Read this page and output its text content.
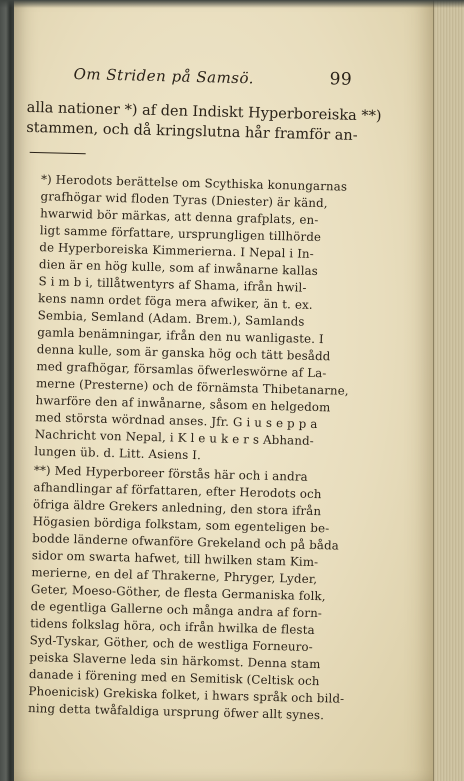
Om Striden på Samsö.	99
alla nationer *) af den Indiskt Hyperboreiska **)
stammen, och då kringslutna hår framför an-
*) Herodots berättelse om Scythiska konungarnas
grafhögar wid floden Tyras (Dniester) är känd,
hwarwid bör märkas, att denna grafplats, en-
ligt samme författare, ursprungligen tillhörde
de Hyperboreiska Kimmerierna. I Nepal i In-
dien är en hög kulle, som af inwånarne kallas
S i m b i, tillåtwentyrs af Shama, ifrån hwil-
kens namn ordet föga mera afwiker, än t. ex.
Sembia, Semland (Adam. Brem.), Samlands
gamla benämningar, ifrån den nu wanligaste. I
denna kulle, som är ganska hög och tätt besådd
med grafhögar, församlas öfwerleswörne af La-
merne (Presterne) och de förnämsta Thibetanarne,
hwarföre den af inwånarne, såsom en helgedom
med största wördnad anses. Jfr. G i u s e p p a
Nachricht von Nepal, i K l e u k e r s Abhand-
lungen üb. d. Litt. Asiens I.
**) Med Hyperboreer förstås här och i andra
afhandlingar af författaren, efter Herodots och
öfriga äldre Grekers anledning, den stora ifrån
Högasien bördiga folkstam, som egenteligen be-
bodde länderne ofwanföre Grekeland och på båda
sidor om swarta hafwet, till hwilken stam Kim-
merierne, en del af Thrakerne, Phryger, Lyder,
Geter, Moeso-Göther, de flesta Germaniska folk,
de egentliga Gallerne och många andra af forn-
tidens folkslag höra, och ifrån hwilka de flesta
Syd-Tyskar, Göther, och de westliga Forneuro-
peiska Slaverne leda sin härkomst. Denna stam
danade i förening med en Semitisk (Celtisk och
Phoenicisk) Grekiska folket, i hwars språk och bild-
ning detta twåfaldiga ursprung öfwer allt synes.
